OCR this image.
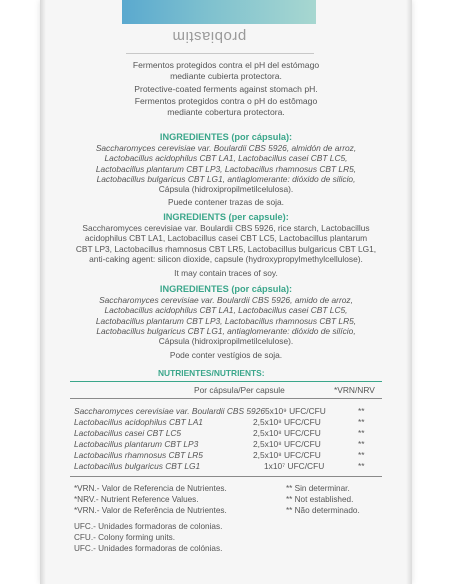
probiastim
Fermentos protegidos contra el pH del estómago
mediante cubierta protectora.
Protective-coated ferments against stomach pH.
Fermentos protegidos contra o pH do estômago
mediante cobertura protectora.
INGREDIENTES (por cápsula):
Saccharomyces cerevisiae var. Boulardii CBS 5926, almidón de arroz,
Lactobacillus acidophilus CBT LA1, Lactobacillus casei CBT LC5,
Lactobacillus plantarum CBT LP3, Lactobacillus rhamnosus CBT LR5,
Lactobacillus bulgaricus CBT LG1, antiaglomerante: dióxido de silicio,
Cápsula (hidroxipropilmetilcelulosa).
Puede contener trazas de soja.
INGREDIENTS (per capsule):
Saccharomyces cerevisiae var. Boulardii CBS 5926, rice starch, Lactobacillus
acidophilus CBT LA1, Lactobacillus casei CBT LC5, Lactobacillus plantarum
CBT LP3, Lactobacillus rhamnosus CBT LR5, Lactobacillus bulgaricus CBT LG1,
anti-caking agent: silicon dioxide, capsule (hydroxypropylmethylcellulose).
It may contain traces of soy.
INGREDIENTES (por cápsula):
Saccharomyces cerevisiae var. Boulardii CBS 5926, amido de arroz,
Lactobacillus acidophilus CBT LA1, Lactobacillus casei CBT LC5,
Lactobacillus plantarum CBT LP3, Lactobacillus rhamnosus CBT LR5,
Lactobacillus bulgaricus CBT LG1, antiaglomerante: dióxido de silício,
Cápsula (hidroxipropilmetilcelulose).
Pode conter vestígios de soja.
NUTRIENTES/NUTRIENTS:
Por cápsula/Per capsule	*VRN/NRV
Saccharomyces cerevisiae var. Boulardii CBS 5926 5x10⁹ UFC/CFU	**
Lactobacillus acidophilus CBT LA1	2,5x10⁸ UFC/CFU	**
Lactobacillus casei CBT LC5	2,5x10⁸ UFC/CFU	**
Lactobacillus plantarum CBT LP3	2,5x10⁸ UFC/CFU	**
Lactobacillus rhamnosus CBT LR5	2,5x10⁸ UFC/CFU	**
Lactobacillus bulgaricus CBT LG1	1x10⁷ UFC/CFU	**
*VRN.- Valor de Referencia de Nutrientes.
*NRV.- Nutrient Reference Values.
*VRN.- Valor de Referência de Nutrientes.
** Sin determinar.
** Not established.
** Não determinado.
UFC.- Unidades formadoras de colonias.
CFU.- Colony forming units.
UFC.- Unidades formadoras de colónias.
